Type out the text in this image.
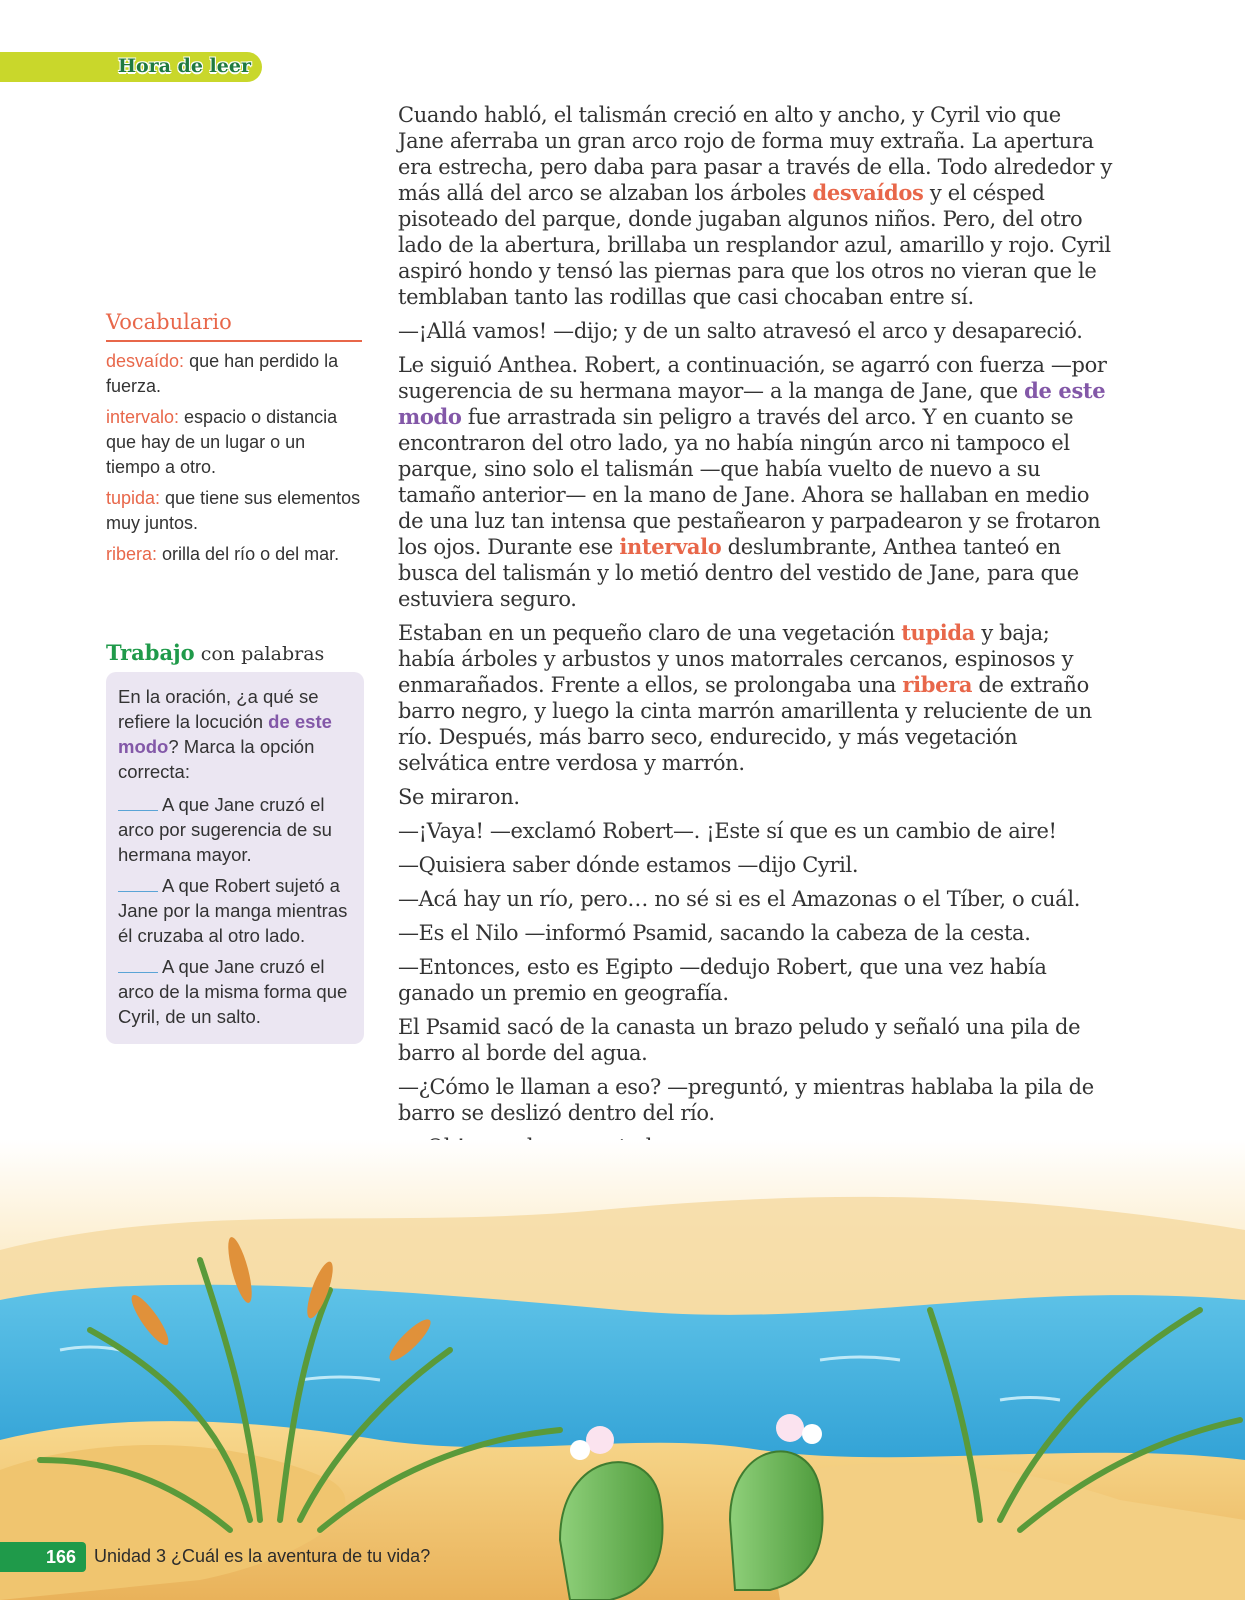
Hora de leer
Vocabulario
desvaído: que han perdido la fuerza.
intervalo: espacio o distancia que hay de un lugar o un tiempo a otro.
tupida: que tiene sus elementos muy juntos.
ribera: orilla del río o del mar.
Trabajo con palabras
En la oración, ¿a qué se refiere la locución de este modo? Marca la opción correcta:
A que Jane cruzó el arco por sugerencia de su hermana mayor.
A que Robert sujetó a Jane por la manga mientras él cruzaba al otro lado.
A que Jane cruzó el arco de la misma forma que Cyril, de un salto.

Cuando habló, el talismán creció en alto y ancho, y Cyril vio que Jane aferraba un gran arco rojo de forma muy extraña. La apertura era estrecha, pero daba para pasar a través de ella. Todo alrededor y más allá del arco se alzaban los árboles desvaídos y el césped pisoteado del parque, donde jugaban algunos niños. Pero, del otro lado de la abertura, brillaba un resplandor azul, amarillo y rojo. Cyril aspiró hondo y tensó las piernas para que los otros no vieran que le temblaban tanto las rodillas que casi chocaban entre sí.

—¡Allá vamos! —dijo; y de un salto atravesó el arco y desapareció.

Le siguió Anthea. Robert, a continuación, se agarró con fuerza —por sugerencia de su hermana mayor— a la manga de Jane, que de este modo fue arrastrada sin peligro a través del arco. Y en cuanto se encontraron del otro lado, ya no había ningún arco ni tampoco el parque, sino solo el talismán —que había vuelto de nuevo a su tamaño anterior— en la mano de Jane. Ahora se hallaban en medio de una luz tan intensa que pestañearon y parpadearon y se frotaron los ojos. Durante ese intervalo deslumbrante, Anthea tanteó en busca del talismán y lo metió dentro del vestido de Jane, para que estuviera seguro.

Estaban en un pequeño claro de una vegetación tupida y baja; había árboles y arbustos y unos matorrales cercanos, espinosos y enmarañados. Frente a ellos, se prolongaba una ribera de extraño barro negro, y luego la cinta marrón amarillenta y reluciente de un río. Después, más barro seco, endurecido, y más vegetación selvática entre verdosa y marrón.

Se miraron.

—¡Vaya! —exclamó Robert—. ¡Este sí que es un cambio de aire!

—Quisiera saber dónde estamos —dijo Cyril.

—Acá hay un río, pero… no sé si es el Amazonas o el Tíber, o cuál.

—Es el Nilo —informó Psamid, sacando la cabeza de la cesta.

—Entonces, esto es Egipto —dedujo Robert, que una vez había ganado un premio en geografía.

El Psamid sacó de la canasta un brazo peludo y señaló una pila de barro al borde del agua.

—¿Cómo le llaman a eso? —preguntó, y mientras hablaba la pila de barro se deslizó dentro del río.

166	Unidad 3 ¿Cuál es la aventura de tu vida?
